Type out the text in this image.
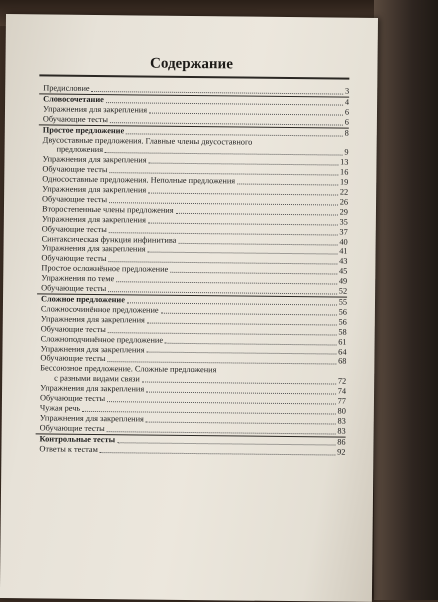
Содержание
Предисловие	3
Словосочетание	4
Упражнения для закрепления	6
Обучающие тесты	6
Простое предложение	8
Двусоставные предложения. Главные члены двусоставного
предложения	9
Упражнения для закрепления	13
Обучающие тесты	16
Односоставные предложения. Неполные предложения	19
Упражнения для закрепления	22
Обучающие тесты	26
Второстепенные члены предложения	29
Упражнения для закрепления	35
Обучающие тесты	37
Синтаксическая функция инфинитива	40
Упражнения для закрепления	41
Обучающие тесты	43
Простое осложнённое предложение	45
Упражнения по теме	49
Обучающие тесты	52
Сложное предложение	55
Сложносочинённое предложение	56
Упражнения для закрепления	56
Обучающие тесты	58
Сложноподчинённое предложение	61
Упражнения для закрепления	64
Обучающие тесты	68
Бессоюзное предложение. Сложные предложения
с разными видами связи	72
Упражнения для закрепления	74
Обучающие тесты	77
Чужая речь	80
Упражнения для закрепления	83
Обучающие тесты	83
Контрольные тесты	86
Ответы к тестам	92
